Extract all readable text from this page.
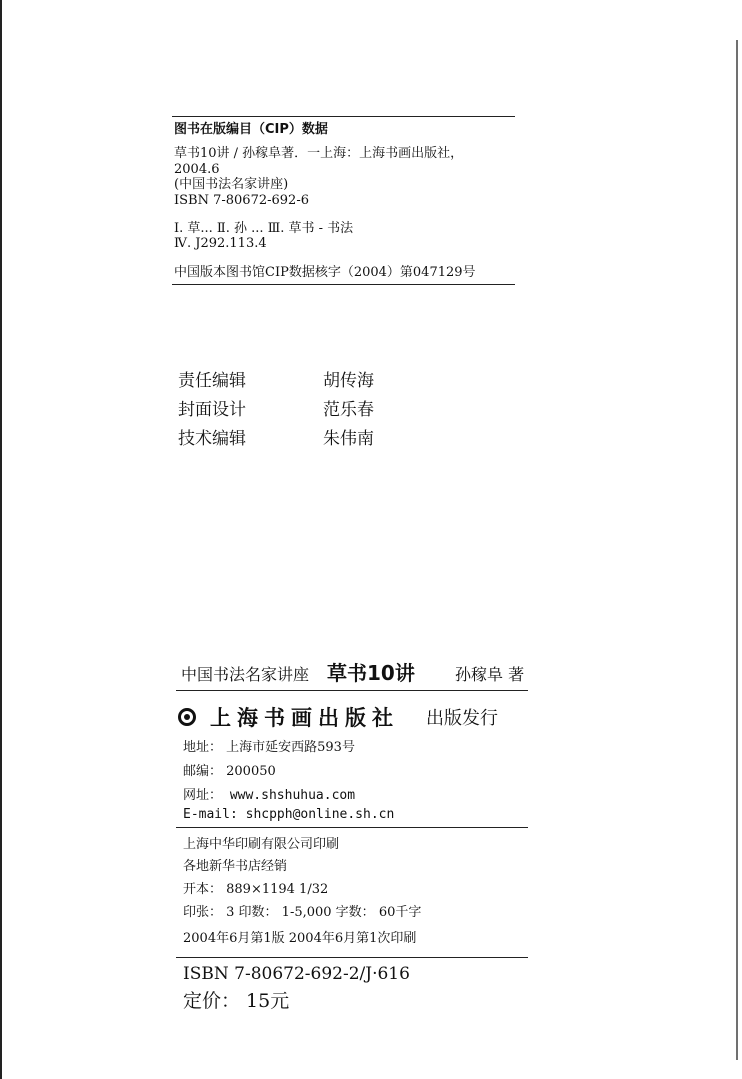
图书在版编目（CIP）数据
草书10讲 / 孙稼阜著．一上海：上海书画出版社，
2004.6
(中国书法名家讲座)
ISBN 7-80672-692-6
Ⅰ. 草... Ⅱ. 孙 ... Ⅲ. 草书 - 书法
Ⅳ. J292.113.4
中国版本图书馆CIP数据核字（2004）第047129号
责任编辑	胡传海
封面设计	范乐春
技术编辑	朱伟南
中国书法名家讲座 草书10讲	孙稼阜 著
上海书画出版社 出版发行
地址： 上海市延安西路593号
邮编： 200050
网址： www.shshuhua.com
E-mail: shcpph@online.sh.cn
上海中华印刷有限公司印刷
各地新华书店经销
开本： 889×1194 1/32
印张： 3 印数： 1-5,000 字数： 60千字
2004年6月第1版 2004年6月第1次印刷
ISBN 7-80672-692-2/J·616
定价： 15元
